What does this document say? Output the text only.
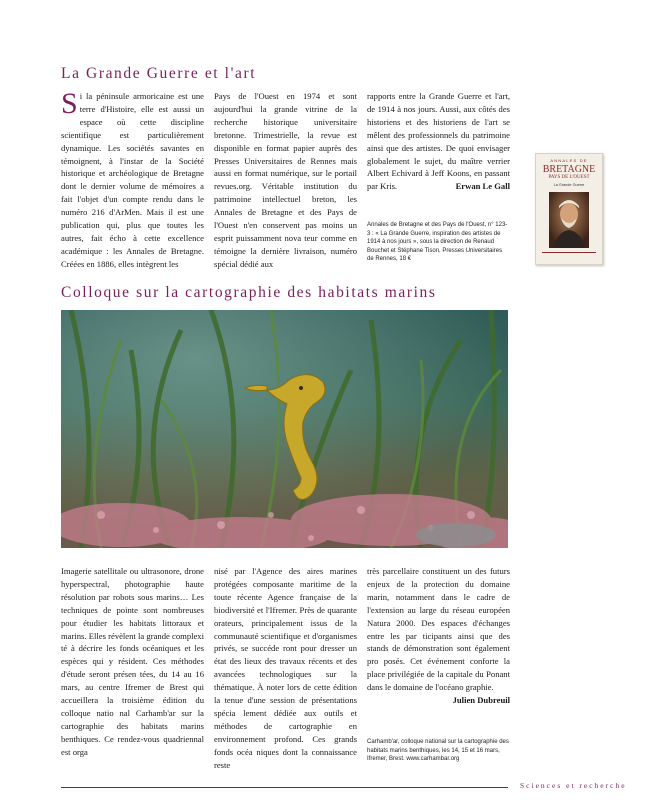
La Grande Guerre et l'art
S i la péninsule armoricaine est une terre d'Histoire, elle est aussi un espace où cette discipline scientifique est particulièrement dynamique. Les sociétés savantes en témoignent, à l'instar de la Société historique et archéologique de Bretagne dont le dernier volume de mémoires a fait l'objet d'un compte rendu dans le numéro 216 d'ArMen. Mais il est une publication qui, plus que toutes les autres, fait écho à cette excellence académique : les Annales de Bretagne. Créées en 1886, elles intègrent les
Pays de l'Ouest en 1974 et sont aujourd'hui la grande vitrine de la recherche historique universitaire bretonne. Trimestrielle, la revue est disponible en format papier auprès des Presses Universitaires de Rennes mais aussi en format numérique, sur le portail revues.org. Véritable institution du patrimoine intellectuel breton, les Annales de Bretagne et des Pays de l'Ouest n'en conservent pas moins un esprit puissamment nova teur comme en témoigne la dernière livraison, numéro spécial dédié aux
rapports entre la Grande Guerre et l'art, de 1914 à nos jours. Aussi, aux côtés des historiens et des historiens de l'art se mêlent des professionnels du patrimoine ainsi que des artistes. De quoi envisager globalement le sujet, du maître verrier Albert Echivard à Jeff Koons, en passant par Kris.	Erwan Le Gall
Annales de Bretagne et des Pays de l'Ouest, n° 123-3 : « La Grande Guerre, inspiration des artistes de 1914 à nos jours », sous la direction de Renaud Bouchet et Stéphane Tison, Presses Universitaires de Rennes, 18 €
ANNALES DE
BRETAGNE
PAYS DE L'OUEST
La Grande Guerre
Colloque sur la cartographie des habitats marins
Imagerie satellitale ou ultrasonore, drone hyperspectral, photographie haute résolution par robots sous marins… Les techniques de pointe sont nombreuses pour étudier les habitats littoraux et marins. Elles révèlent la grande complexi té à décrire les fonds océaniques et les espèces qui y résident. Ces méthodes d'étude seront présen tées, du 14 au 16 mars, au centre Ifremer de Brest qui accueillera la troisième édition du colloque natio nal Carhamb'ar sur la cartographie des habitats marins benthiques. Ce rendez-vous quadriennal est orga
nisé par l'Agence des aires marines protégées composante maritime de la toute récente Agence française de la biodiversité et l'Ifremer. Près de quarante orateurs, principalement issus de la communauté scientifique et d'organismes privés, se succéde ront pour dresser un état des lieux des travaux récents et des avancées technologiques sur la thématique. À noter lors de cette édition la tenue d'une session de présentations spécia lement dédiée aux outils et méthodes de cartographie en environnement profond. Ces grands fonds océa niques dont la connaissance reste
très parcellaire constituent un des futurs enjeux de la protection du domaine marin, notamment dans le cadre de l'extension au large du réseau européen Natura 2000. Des espaces d'échanges entre les par ticipants ainsi que des stands de démonstration sont également pro posés. Cet événement conforte la place privilégiée de la capitale du Ponant dans le domaine de l'océano graphie.
Julien Dubreuil
Carhamb'ar, colloque national sur la cartographie des habitats marins benthiques, les 14, 15 et 16 mars, Ifremer, Brest. www.carhambar.org
Sciences et recherche
